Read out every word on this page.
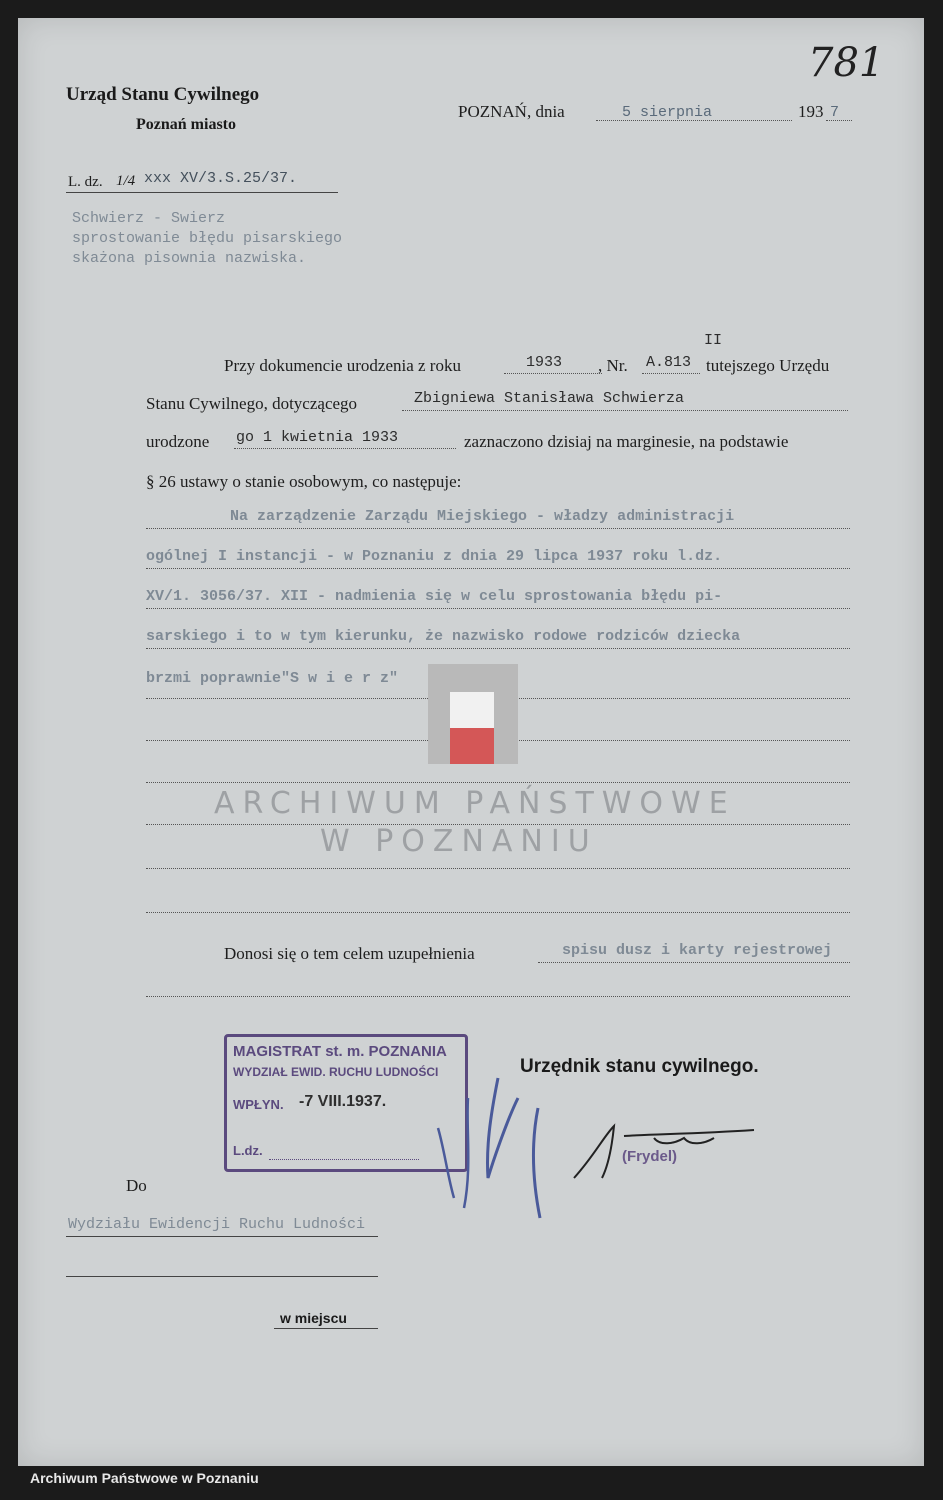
781
Urząd Stanu Cywilnego
Poznań miasto
POZNAŃ, dnia	5 sierpnia	193 7
L. dz. 1/4 xxx XV/3.S.25/37.
Schwierz - Swierz
sprostowanie błędu pisarskiego
skażona pisownia nazwiska.
Przy dokumencie urodzenia z roku	1933 , Nr. A.813
II
tutejszego Urzędu
Stanu Cywilnego, dotyczącego	Zbigniewa Stanisława Schwierza
urodzone go 1 kwietnia 1933	zaznaczono dzisiaj na marginesie, na podstawie
§ 26 ustawy o stanie osobowym, co następuje:
Na zarządzenie Zarządu Miejskiego - władzy administracji
ogólnej I instancji - w Poznaniu z dnia 29 lipca 1937 roku l.dz.
XV/1. 3056/37. XII - nadmienia się w celu sprostowania błędu pi-
sarskiego i to w tym kierunku, że nazwisko rodowe rodziców dziecka
brzmi poprawnie"S w i e r z"
ARCHIWUM PAŃSTWOWE
W POZNANIU
Donosi się o tem celem uzupełnienia	spisu dusz i karty rejestrowej
MAGISTRAT st. m. POZNANIA
WYDZIAŁ EWID. RUCHU LUDNOŚCI
WPŁYN. -7 VIII.1937.
L.dz.
Urzędnik stanu cywilnego.
(Frydel)
Do
Wydziału Ewidencji Ruchu Ludności
w miejscu
Archiwum Państwowe w Poznaniu
